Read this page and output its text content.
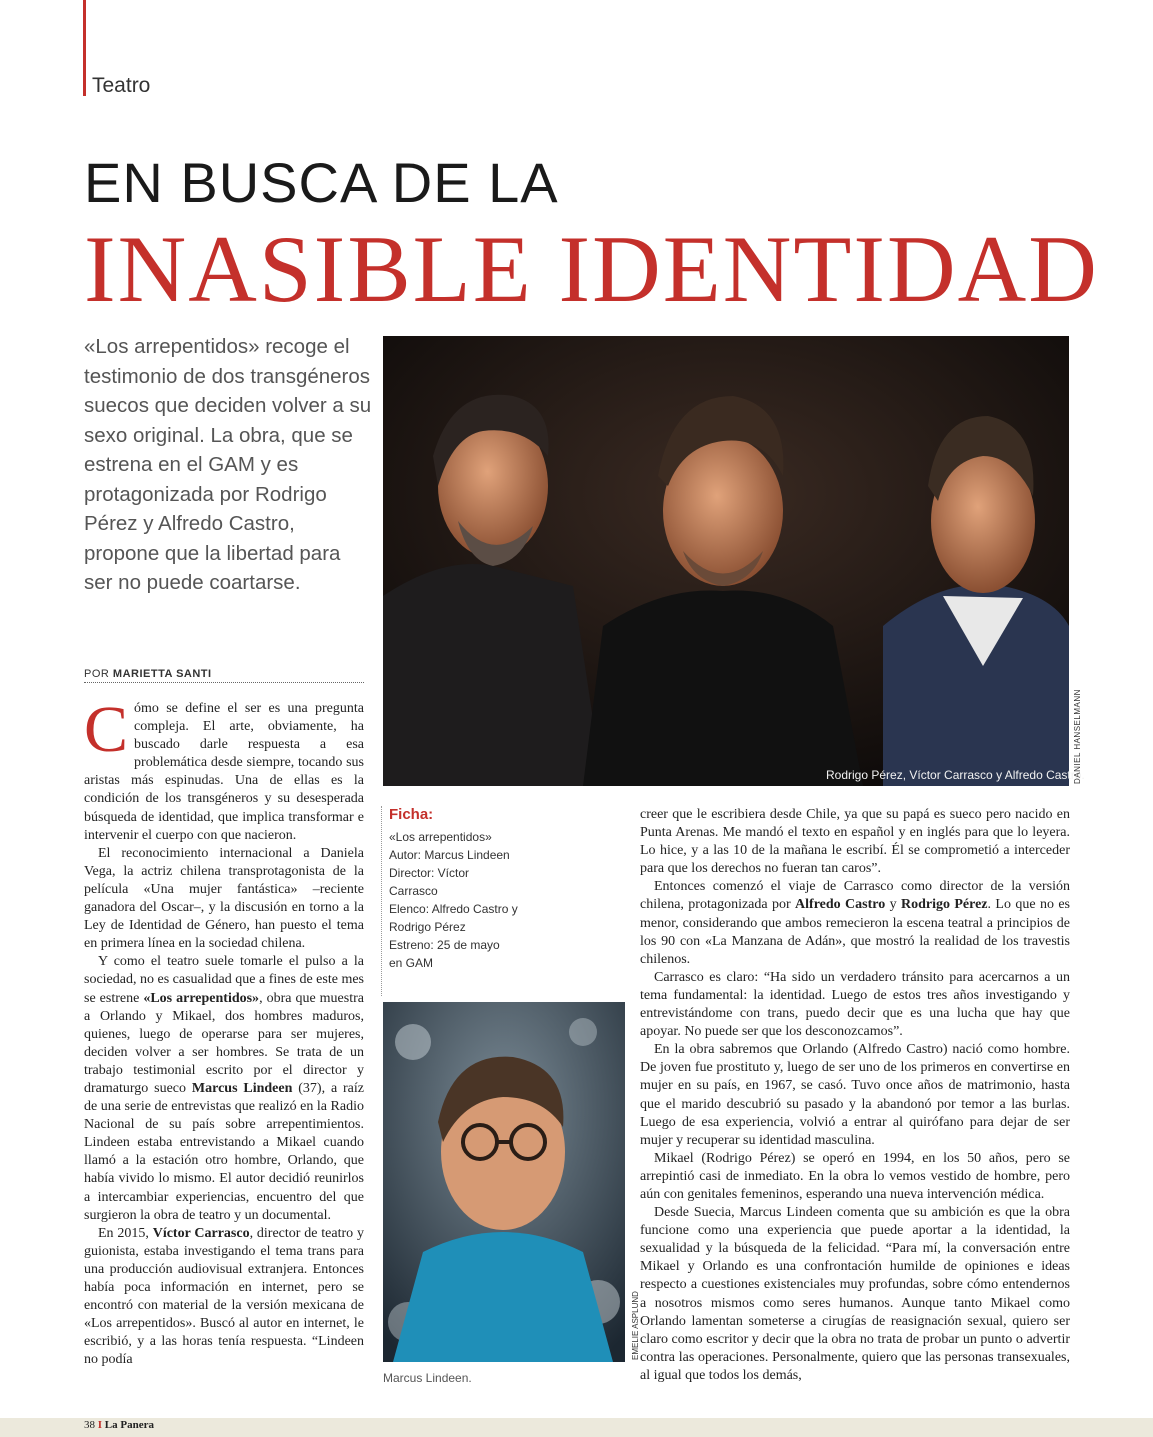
Teatro
EN BUSCA DE LA
INASIBLE IDENTIDAD
«Los arrepentidos» recoge el testimonio de dos transgéneros suecos que deciden volver a su sexo original. La obra, que se estrena en el GAM y es protagonizada por Rodrigo Pérez y Alfredo Castro, propone que la libertad para ser no puede coartarse.
POR MARIETTA SANTI

Cómo se define el ser es una pregunta compleja. El arte, obviamente, ha buscado darle respuesta a esa problemática desde siempre, tocando sus aristas más espinudas. Una de ellas es la condición de los transgéneros y su desesperada búsqueda de identidad, que implica transformar e intervenir el cuerpo con que nacieron.

El reconocimiento internacional a Daniela Vega, la actriz chilena transprotagonista de la película «Una mujer fantástica» –reciente ganadora del Oscar–, y la discusión en torno a la Ley de Identidad de Género, han puesto el tema en primera línea en la sociedad chilena.

Y como el teatro suele tomarle el pulso a la sociedad, no es casualidad que a fines de este mes se estrene «Los arrepentidos», obra que muestra a Orlando y Mikael, dos hombres maduros, quienes, luego de operarse para ser mujeres, deciden volver a ser hombres. Se trata de un trabajo testimonial escrito por el director y dramaturgo sueco Marcus Lindeen (37), a raíz de una serie de entrevistas que realizó en la Radio Nacional de su país sobre arrepentimientos. Lindeen estaba entrevistando a Mikael cuando llamó a la estación otro hombre, Orlando, que había vivido lo mismo. El autor decidió reunirlos a intercambiar experiencias, encuentro del que surgieron la obra de teatro y un documental.

En 2015, Víctor Carrasco, director de teatro y guionista, estaba investigando el tema trans para una producción audiovisual extranjera. Entonces había poca información en internet, pero se encontró con material de la versión mexicana de «Los arrepentidos». Buscó al autor en internet, le escribió, y a las horas tenía respuesta. “Lindeen no podía

Rodrigo Pérez, Víctor Carrasco y Alfredo Castro.
DANIEL HANSELMANN
Ficha:
«Los arrepentidos»
Autor: Marcus Lindeen
Director: Víctor
Carrasco
Elenco: Alfredo Castro y
Rodrigo Pérez
Estreno: 25 de mayo
en GAM
EMELIE ASPLUND
Marcus Lindeen.

creer que le escribiera desde Chile, ya que su papá es sueco pero nacido en Punta Arenas. Me mandó el texto en español y en inglés para que lo leyera. Lo hice, y a las 10 de la mañana le escribí. Él se comprometió a interceder para que los derechos no fueran tan caros”.

Entonces comenzó el viaje de Carrasco como director de la versión chilena, protagonizada por Alfredo Castro y Rodrigo Pérez. Lo que no es menor, considerando que ambos remecieron la escena teatral a principios de los 90 con «La Manzana de Adán», que mostró la realidad de los travestis chilenos.

Carrasco es claro: “Ha sido un verdadero tránsito para acercarnos a un tema fundamental: la identidad. Luego de estos tres años investigando y entrevistándome con trans, puedo decir que es una lucha que hay que apoyar. No puede ser que los desconozcamos”.

En la obra sabremos que Orlando (Alfredo Castro) nació como hombre. De joven fue prostituto y, luego de ser uno de los primeros en convertirse en mujer en su país, en 1967, se casó. Tuvo once años de matrimonio, hasta que el marido descubrió su pasado y la abandonó por temor a las burlas. Luego de esa experiencia, volvió a entrar al quirófano para dejar de ser mujer y recuperar su identidad masculina.

Mikael (Rodrigo Pérez) se operó en 1994, en los 50 años, pero se arrepintió casi de inmediato. En la obra lo vemos vestido de hombre, pero aún con genitales femeninos, esperando una nueva intervención médica.

Desde Suecia, Marcus Lindeen comenta que su ambición es que la obra funcione como una experiencia que puede aportar a la identidad, la sexualidad y la búsqueda de la felicidad. “Para mí, la conversación entre Mikael y Orlando es una confrontación humilde de opiniones e ideas respecto a cuestiones existenciales muy profundas, sobre cómo entendernos a nosotros mismos como seres humanos. Aunque tanto Mikael como Orlando lamentan someterse a cirugías de reasignación sexual, quiero ser claro como escritor y decir que la obra no trata de probar un punto o advertir contra las operaciones. Personalmente, quiero que las personas transexuales, al igual que todos los demás,

38 I La Panera
